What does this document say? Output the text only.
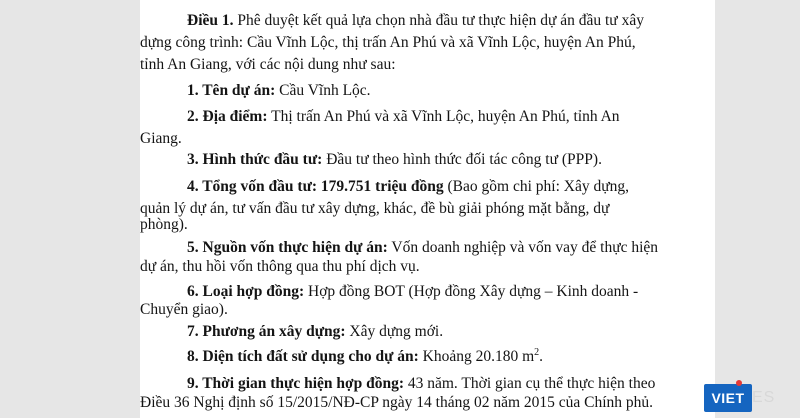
Điều 1. Phê duyệt kết quả lựa chọn nhà đầu tư thực hiện dự án đầu tư xây
dựng công trình: Cầu Vĩnh Lộc, thị trấn An Phú và xã Vĩnh Lộc, huyện An Phú,
tỉnh An Giang, với các nội dung như sau:
1. Tên dự án: Cầu Vĩnh Lộc.
2. Địa điểm: Thị trấn An Phú và xã Vĩnh Lộc, huyện An Phú, tỉnh An
Giang.
3. Hình thức đầu tư: Đầu tư theo hình thức đối tác công tư (PPP).
4. Tổng vốn đầu tư: 179.751 triệu đồng (Bao gồm chi phí: Xây dựng,
quản lý dự án, tư vấn đầu tư xây dựng, khác, đề bù giải phóng mặt bằng, dự
phòng).
5. Nguồn vốn thực hiện dự án: Vốn doanh nghiệp và vốn vay để thực hiện
dự án, thu hồi vốn thông qua thu phí dịch vụ.
6. Loại hợp đồng: Hợp đồng BOT (Hợp đồng Xây dựng – Kinh doanh -
Chuyển giao).
7. Phương án xây dựng: Xây dựng mới.
8. Diện tích đất sử dụng cho dự án: Khoảng 20.180 $m^2$.
9. Thời gian thực hiện hợp đồng: 43 năm. Thời gian cụ thể thực hiện theo
Điều 36 Nghị định số 15/2015/NĐ-CP ngày 14 tháng 02 năm 2015 của Chính phủ.	VIET ES
